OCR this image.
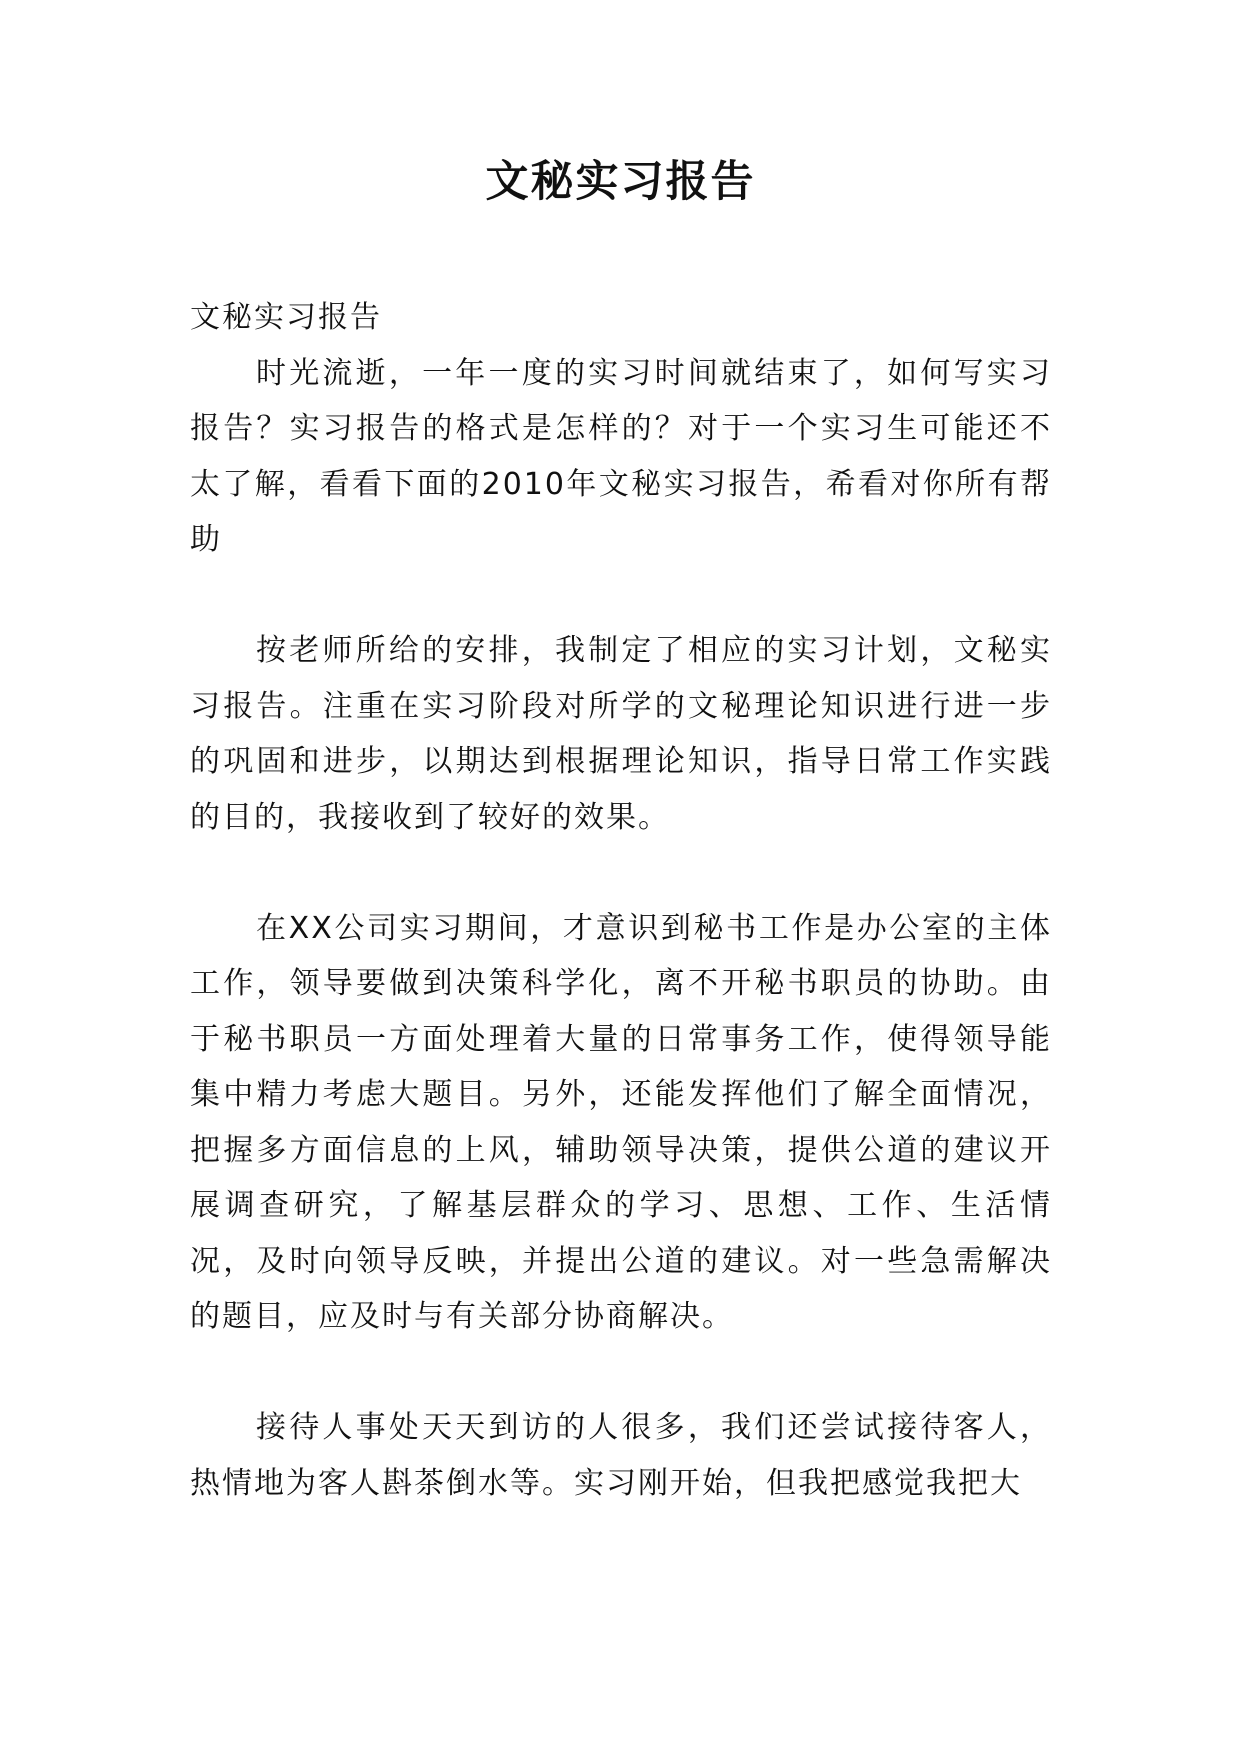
文秘实习报告

文秘实习报告

时光流逝，一年一度的实习时间就结束了，如何写实习报告？实习报告的格式是怎样的？对于一个实习生可能还不太了解，看看下面的2010年文秘实习报告，希看对你所有帮助

按老师所给的安排，我制定了相应的实习计划，文秘实习报告。注重在实习阶段对所学的文秘理论知识进行进一步的巩固和进步，以期达到根据理论知识，指导日常工作实践的目的，我接收到了较好的效果。

在XX公司实习期间，才意识到秘书工作是办公室的主体工作，领导要做到决策科学化，离不开秘书职员的协助。由于秘书职员一方面处理着大量的日常事务工作，使得领导能集中精力考虑大题目。另外，还能发挥他们了解全面情况，把握多方面信息的上风，辅助领导决策，提供公道的建议开展调查研究，了解基层群众的学习、思想、工作、生活情况，及时向领导反映，并提出公道的建议。对一些急需解决的题目，应及时与有关部分协商解决。

接待人事处天天到访的人很多，我们还尝试接待客人，热情地为客人斟茶倒水等。实习刚开始，但我把感觉我把大
